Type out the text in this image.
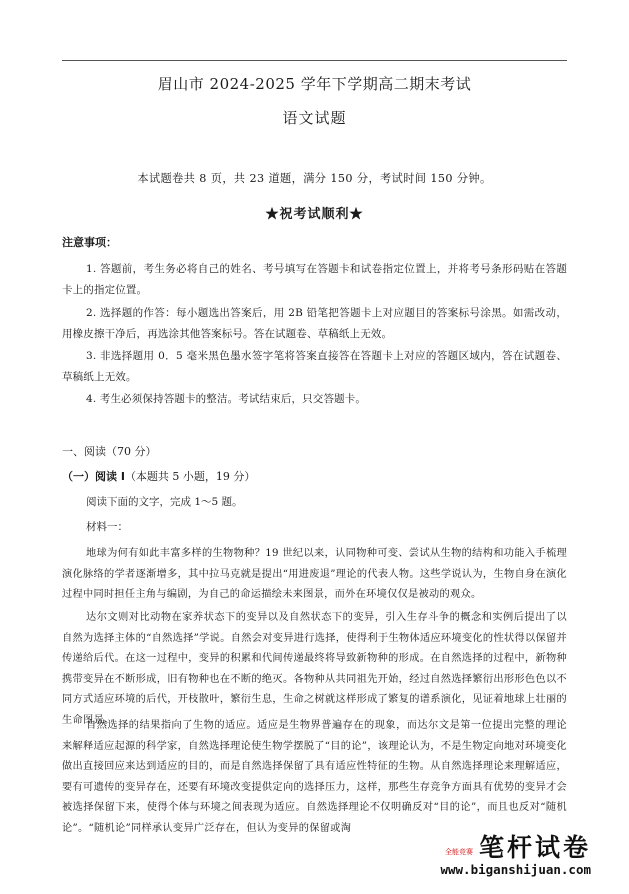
眉山市 2024-2025 学年下学期高二期末考试
语文试题
本试题卷共 8 页，共 23 道题，满分 150 分，考试时间 150 分钟。
★祝考试顺利★
注意事项：
1. 答题前，考生务必将自己的姓名、考号填写在答题卡和试卷指定位置上，并将考号条形码贴在答题卡上的指定位置。
2. 选择题的作答：每小题选出答案后，用 2B 铅笔把答题卡上对应题目的答案标号涂黑。如需改动，用橡皮擦干净后，再选涂其他答案标号。答在试题卷、草稿纸上无效。
3. 非选择题用 0．5 毫米黑色墨水签字笔将答案直接答在答题卡上对应的答题区域内，答在试题卷、草稿纸上无效。
4. 考生必须保持答题卡的整洁。考试结束后，只交答题卡。
一、阅读（70 分）
（一）阅读 I（本题共 5 小题，19 分）
阅读下面的文字，完成 1～5 题。
材料一：
地球为何有如此丰富多样的生物物种？19 世纪以来，认同物种可变、尝试从生物的结构和功能入手梳理演化脉络的学者逐渐增多，其中拉马克就是提出“用进废退”理论的代表人物。这些学说认为，生物自身在演化过程中同时担任主角与编剧，为自己的命运描绘未来图景，而外在环境仅仅是被动的观众。
达尔文则对比动物在家养状态下的变异以及自然状态下的变异，引入生存斗争的概念和实例后提出了以自然为选择主体的“自然选择”学说。自然会对变异进行选择，使得利于生物体适应环境变化的性状得以保留并传递给后代。在这一过程中，变异的积累和代间传递最终将导致新物种的形成。在自然选择的过程中，新物种携带变异在不断形成，旧有物种也在不断的绝灭。各物种从共同祖先开始，经过自然选择繁衍出形形色色以不同方式适应环境的后代，开枝散叶，繁衍生息，生命之树就这样形成了繁复的谱系演化，见证着地球上壮丽的生命图景。
自然选择的结果指向了生物的适应。适应是生物界普遍存在的现象，而达尔文是第一位提出完整的理论来解释适应起源的科学家，自然选择理论使生物学摆脱了“目的论”，该理论认为，不是生物定向地对环境变化做出直接回应来达到适应的目的，而是自然选择保留了具有适应性特征的生物。从自然选择理论来理解适应，要有可遗传的变异存在，还要有环境改变提供定向的选择压力，这样，那些生存竞争方面具有优势的变异才会被选择保留下来，使得个体与环境之间表现为适应。自然选择理论不仅明确反对“目的论”，而且也反对“随机论”。“随机论”同样承认变异广泛存在，但认为变异的保留或淘
全能竞赛 笔杆试卷
www.biganshijuan.com
